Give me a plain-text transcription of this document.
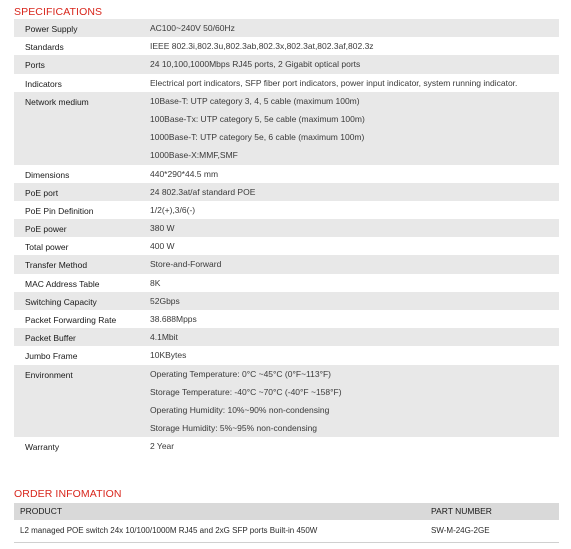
SPECIFICATIONS
Power Supply	AC100~240V 50/60Hz
Standards	IEEE 802.3i,802.3u,802.3ab,802.3x,802.3at,802.3af,802.3z
Ports	24 10,100,1000Mbps RJ45 ports, 2 Gigabit optical ports
Indicators	Electrical port indicators, SFP fiber port indicators, power input indicator, system running indicator.
Network medium	10Base-T: UTP category 3, 4, 5 cable (maximum 100m)
100Base-Tx: UTP category 5, 5e cable (maximum 100m)
1000Base-T: UTP category 5e, 6 cable (maximum 100m)
1000Base-X:MMF,SMF
Dimensions	440*290*44.5 mm
PoE port	24 802.3at/af standard POE
PoE Pin Definition	1/2(+),3/6(-)
PoE power	380 W
Total power	400 W
Transfer Method	Store-and-Forward
MAC Address Table	8K
Switching Capacity	52Gbps
Packet Forwarding Rate	38.688Mpps
Packet Buffer	4.1Mbit
Jumbo Frame	10KBytes
Environment	Operating Temperature: 0°C ~45°C (0°F~113°F)
Storage Temperature: -40°C ~70°C (-40°F ~158°F)
Operating Humidity: 10%~90% non-condensing
Storage Humidity: 5%~95% non-condensing
Warranty	2 Year
ORDER INFOMATION
PRODUCT	PART NUMBER
L2 managed POE switch 24x 10/100/1000M RJ45 and 2xG SFP ports Built-in 450W	SW-M-24G-2GE
